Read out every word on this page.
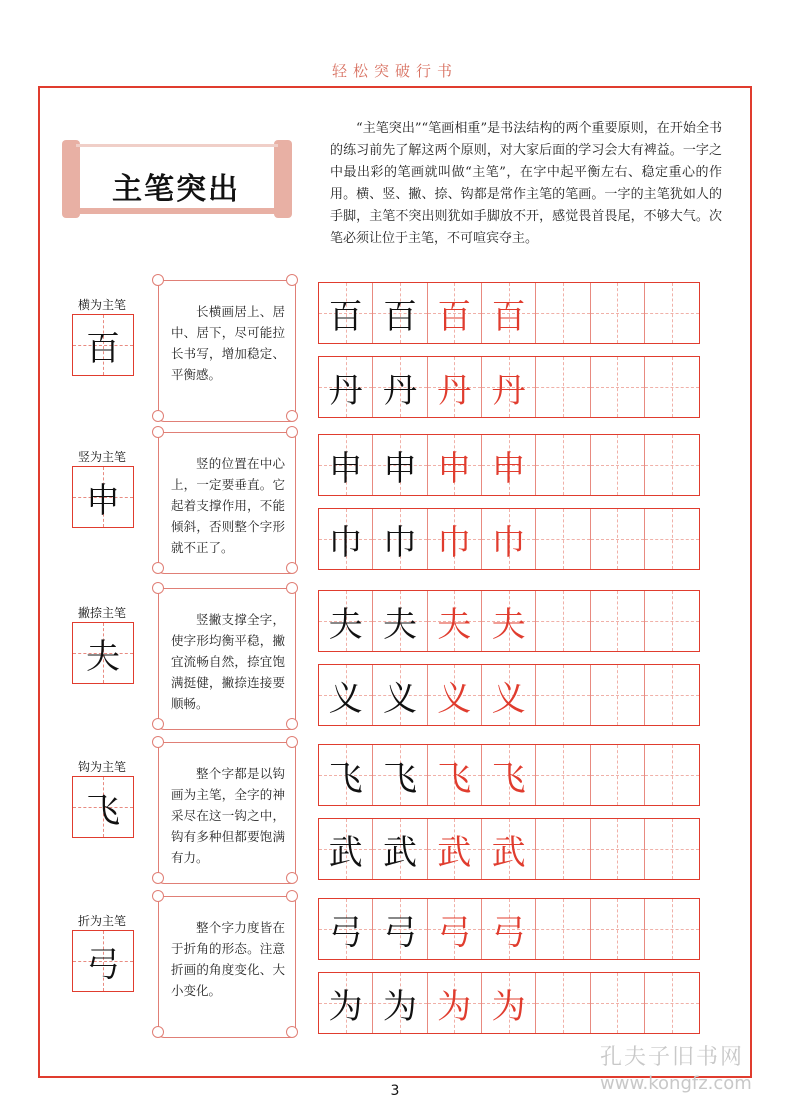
轻松突破行书
主笔突出
“主笔突出”“笔画相重”是书法结构的两个重要原则，在开始全书的练习前先了解这两个原则，对大家后面的学习会大有裨益。一字之中最出彩的笔画就叫做“主笔”，在字中起平衡左右、稳定重心的作用。横、竖、撇、捺、钩都是常作主笔的笔画。一字的主笔犹如人的手脚，主笔不突出则犹如手脚放不开，感觉畏首畏尾，不够大气。次笔必须让位于主笔，不可喧宾夺主。
横为主笔
百
长横画居上、居中、居下，尽可能拉长书写，增加稳定、平衡感。
百 百 百 百
丹 丹 丹 丹
竖为主笔
申
竖的位置在中心上，一定要垂直。它起着支撑作用，不能倾斜，否则整个字形就不正了。
申 申 申 申
巾 巾 巾 巾
撇捺主笔
夫
竖撇支撑全字，使字形均衡平稳，撇宜流畅自然，捺宜饱满挺健，撇捺连接要顺畅。
夫 夫 夫 夫
义 义 义 义
钩为主笔
飞
整个字都是以钩画为主笔，全字的神采尽在这一钩之中，钩有多种但都要饱满有力。
飞 飞 飞 飞
武 武 武 武
折为主笔
弓
整个字力度皆在于折角的形态。注意折画的角度变化、大小变化。
弓 弓 弓 弓
为 为 为 为
3
孔夫子旧书网
www.kongfz.com
